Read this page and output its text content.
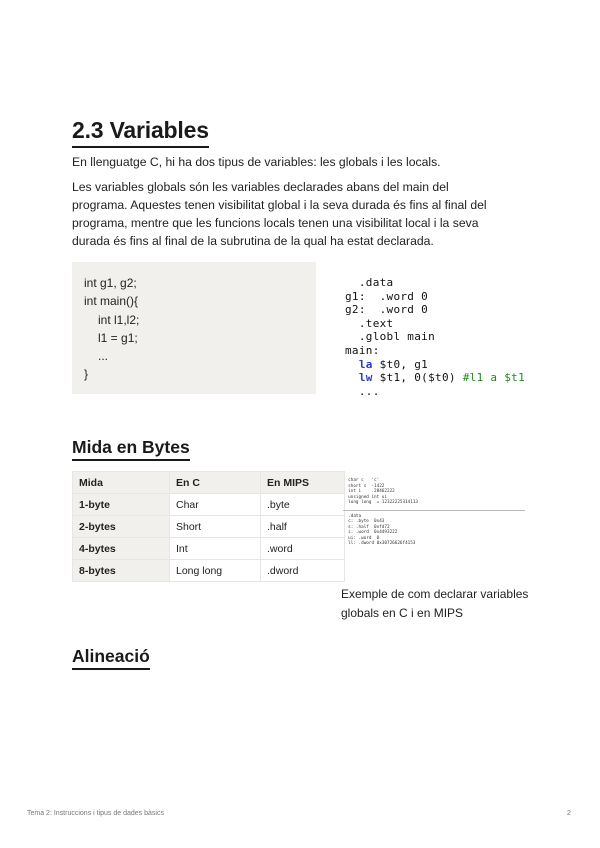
2.3 Variables

En llenguatge C, hi ha dos tipus de variables: les globals i les locals.

Les variables globals són les variables declarades abans del main del programa. Aquestes tenen visibilitat global i la seva durada és fins al final del programa, mentre que les funcions locals tenen una visibilitat local i la seva durada és fins al final de la subrutina de la qual ha estat declarada.

int g1, g2;
int main(){
int l1,l2;
l1 = g1;
...
}
.data
g1:  .word 0
g2:  .word 0
.text
.globl main
main:
la $t0, g1
lw $t1, 0($t0) #l1 a $t1
...
Mida en Bytes
Mida	En C	En MIPS
1-byte	Char	.byte
2-bytes	Short	.half
4-bytes	Int	.word
8-bytes	Long long	.dword
char c   'c'
short s  -1422
int i    .28462222
unsigned int ui
long long  = 12322225314113
.data
c: .byte  0x43
s: .half  0xfd72
i: .word  0x4493222
ui: .word  0
ll: .dword 0x30726626f4153

Exemple de com declarar variables globals en C i en MIPS

Alineació
Tema 2: Instruccions i tipus de dades bàsics	2
